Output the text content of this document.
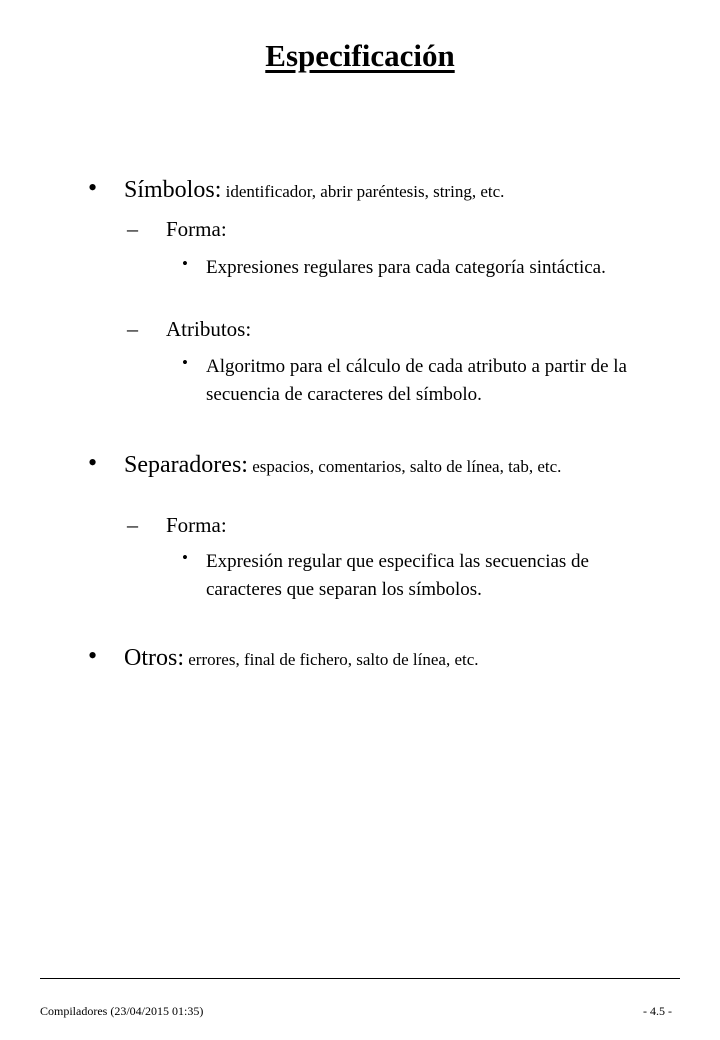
Especificación
• Símbolos: identificador, abrir paréntesis, string, etc.
– Forma:
• Expresiones regulares para cada categoría sintáctica.
– Atributos:
• Algoritmo para el cálculo de cada atributo a partir de la secuencia de caracteres del símbolo.
• Separadores: espacios, comentarios, salto de línea, tab, etc.
– Forma:
• Expresión regular que especifica las secuencias de caracteres que separan los símbolos.
• Otros: errores, final de fichero, salto de línea, etc.
Compiladores (23/04/2015 01:35)	- 4.5 -
